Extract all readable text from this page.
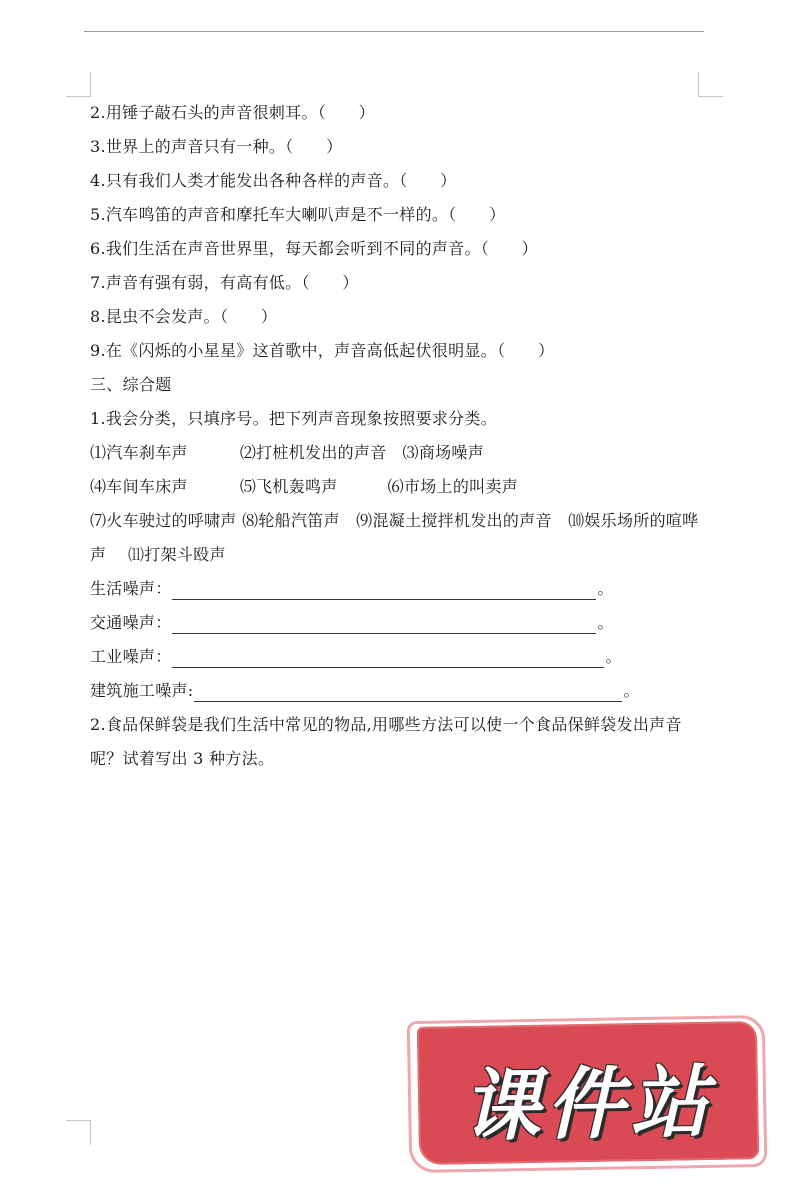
2.用锤子敲石头的声音很刺耳。（　　）
3.世界上的声音只有一种。（　　）
4.只有我们人类才能发出各种各样的声音。（　　）
5.汽车鸣笛的声音和摩托车大喇叭声是不一样的。（　　）
6.我们生活在声音世界里，每天都会听到不同的声音。（　　）
7.声音有强有弱，有高有低。（　　）
8.昆虫不会发声。（　　）
9.在《闪烁的小星星》这首歌中，声音高低起伏很明显。（　　）
三、综合题
1.我会分类，只填序号。把下列声音现象按照要求分类。
⑴汽车刹车声	⑵打桩机发出的声音 ⑶商场噪声
⑷车间车床声	⑸飞机轰鸣声	⑹市场上的叫卖声
⑺火车驶过的呼啸声 ⑻轮船汽笛声　⑼混凝土搅拌机发出的声音　⑽娱乐场所的喧哗声　 ⑾打架斗殴声
生活噪声：	。
交通噪声：	。
工业噪声：	。
建筑施工噪声:	。
2.食品保鲜袋是我们生活中常见的物品,用哪些方法可以使一个食品保鲜袋发出声音呢？试着写出 3 种方法。
课件站
